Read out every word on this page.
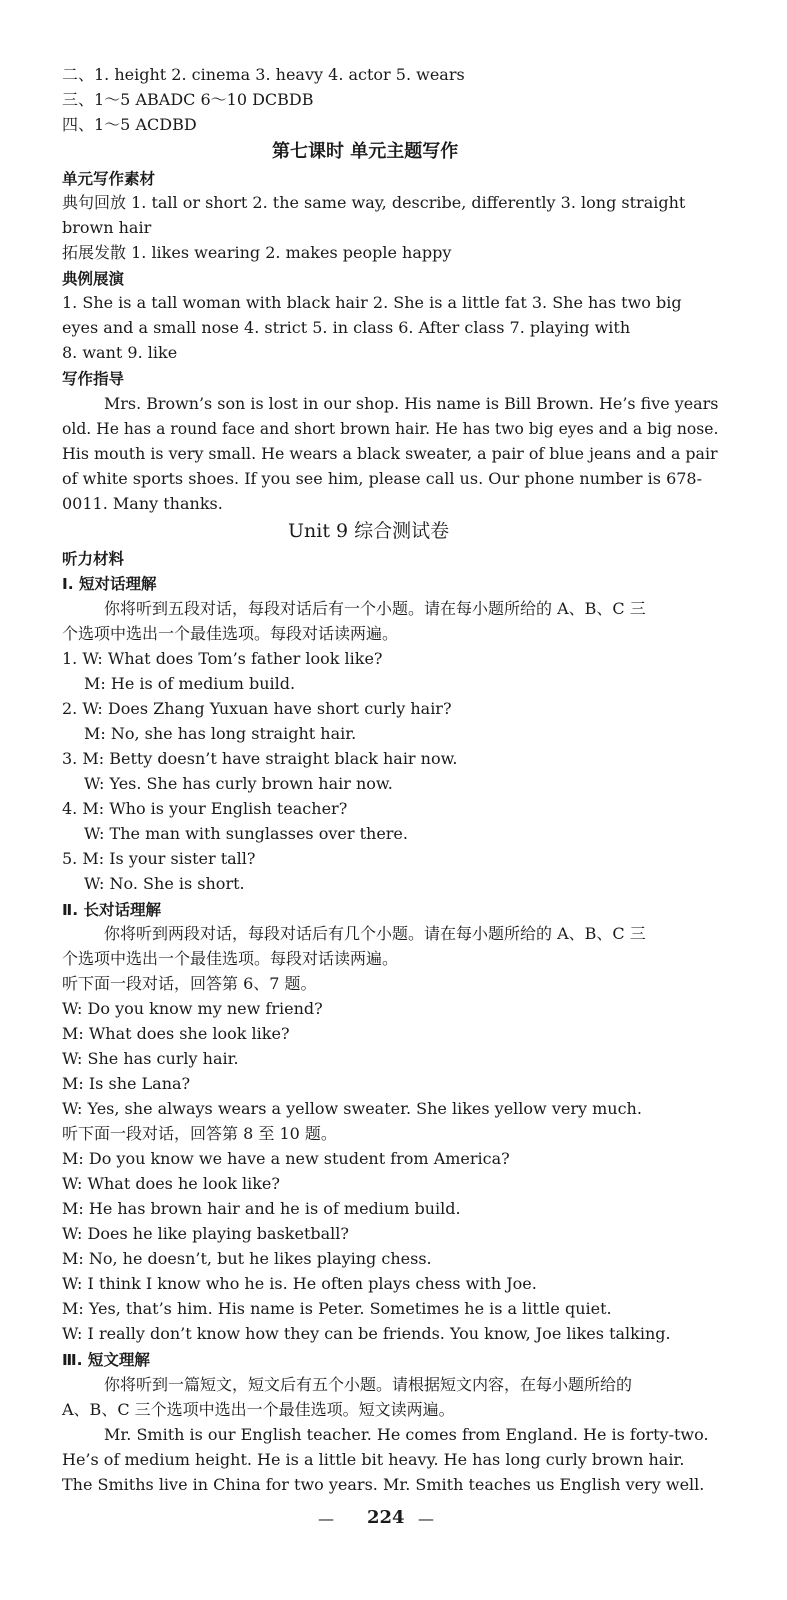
二、1. height 2. cinema 3. heavy 4. actor 5. wears
三、1～5 ABADC 6～10 DCBDB
四、1～5 ACDBD
第七课时 单元主题写作
单元写作素材
典句回放 1. tall or short 2. the same way, describe, differently 3. long straight
brown hair
拓展发散 1. likes wearing 2. makes people happy
典例展演
1. She is a tall woman with black hair 2. She is a little fat 3. She has two big
eyes and a small nose 4. strict 5. in class 6. After class 7. playing with
8. want 9. like
写作指导
Mrs. Brown’s son is lost in our shop. His name is Bill Brown. He’s five years
old. He has a round face and short brown hair. He has two big eyes and a big nose.
His mouth is very small. He wears a black sweater, a pair of blue jeans and a pair
of white sports shoes. If you see him, please call us. Our phone number is 678-
0011. Many thanks.
Unit 9 综合测试卷
听力材料
Ⅰ. 短对话理解
你将听到五段对话，每段对话后有一个小题。请在每小题所给的 A、B、C 三
个选项中选出一个最佳选项。每段对话读两遍。
1. W: What does Tom’s father look like?
M: He is of medium build.
2. W: Does Zhang Yuxuan have short curly hair?
M: No, she has long straight hair.
3. M: Betty doesn’t have straight black hair now.
W: Yes. She has curly brown hair now.
4. M: Who is your English teacher?
W: The man with sunglasses over there.
5. M: Is your sister tall?
W: No. She is short.
Ⅱ. 长对话理解
你将听到两段对话，每段对话后有几个小题。请在每小题所给的 A、B、C 三
个选项中选出一个最佳选项。每段对话读两遍。
听下面一段对话，回答第 6、7 题。
W: Do you know my new friend?
M: What does she look like?
W: She has curly hair.
M: Is she Lana?
W: Yes, she always wears a yellow sweater. She likes yellow very much.
听下面一段对话，回答第 8 至 10 题。
M: Do you know we have a new student from America?
W: What does he look like?
M: He has brown hair and he is of medium build.
W: Does he like playing basketball?
M: No, he doesn’t, but he likes playing chess.
W: I think I know who he is. He often plays chess with Joe.
M: Yes, that’s him. His name is Peter. Sometimes he is a little quiet.
W: I really don’t know how they can be friends. You know, Joe likes talking.
Ⅲ. 短文理解
你将听到一篇短文，短文后有五个小题。请根据短文内容，在每小题所给的
A、B、C 三个选项中选出一个最佳选项。短文读两遍。
Mr. Smith is our English teacher. He comes from England. He is forty-two.
He’s of medium height. He is a little bit heavy. He has long curly brown hair.
The Smiths live in China for two years. Mr. Smith teaches us English very well.
— 224 —
